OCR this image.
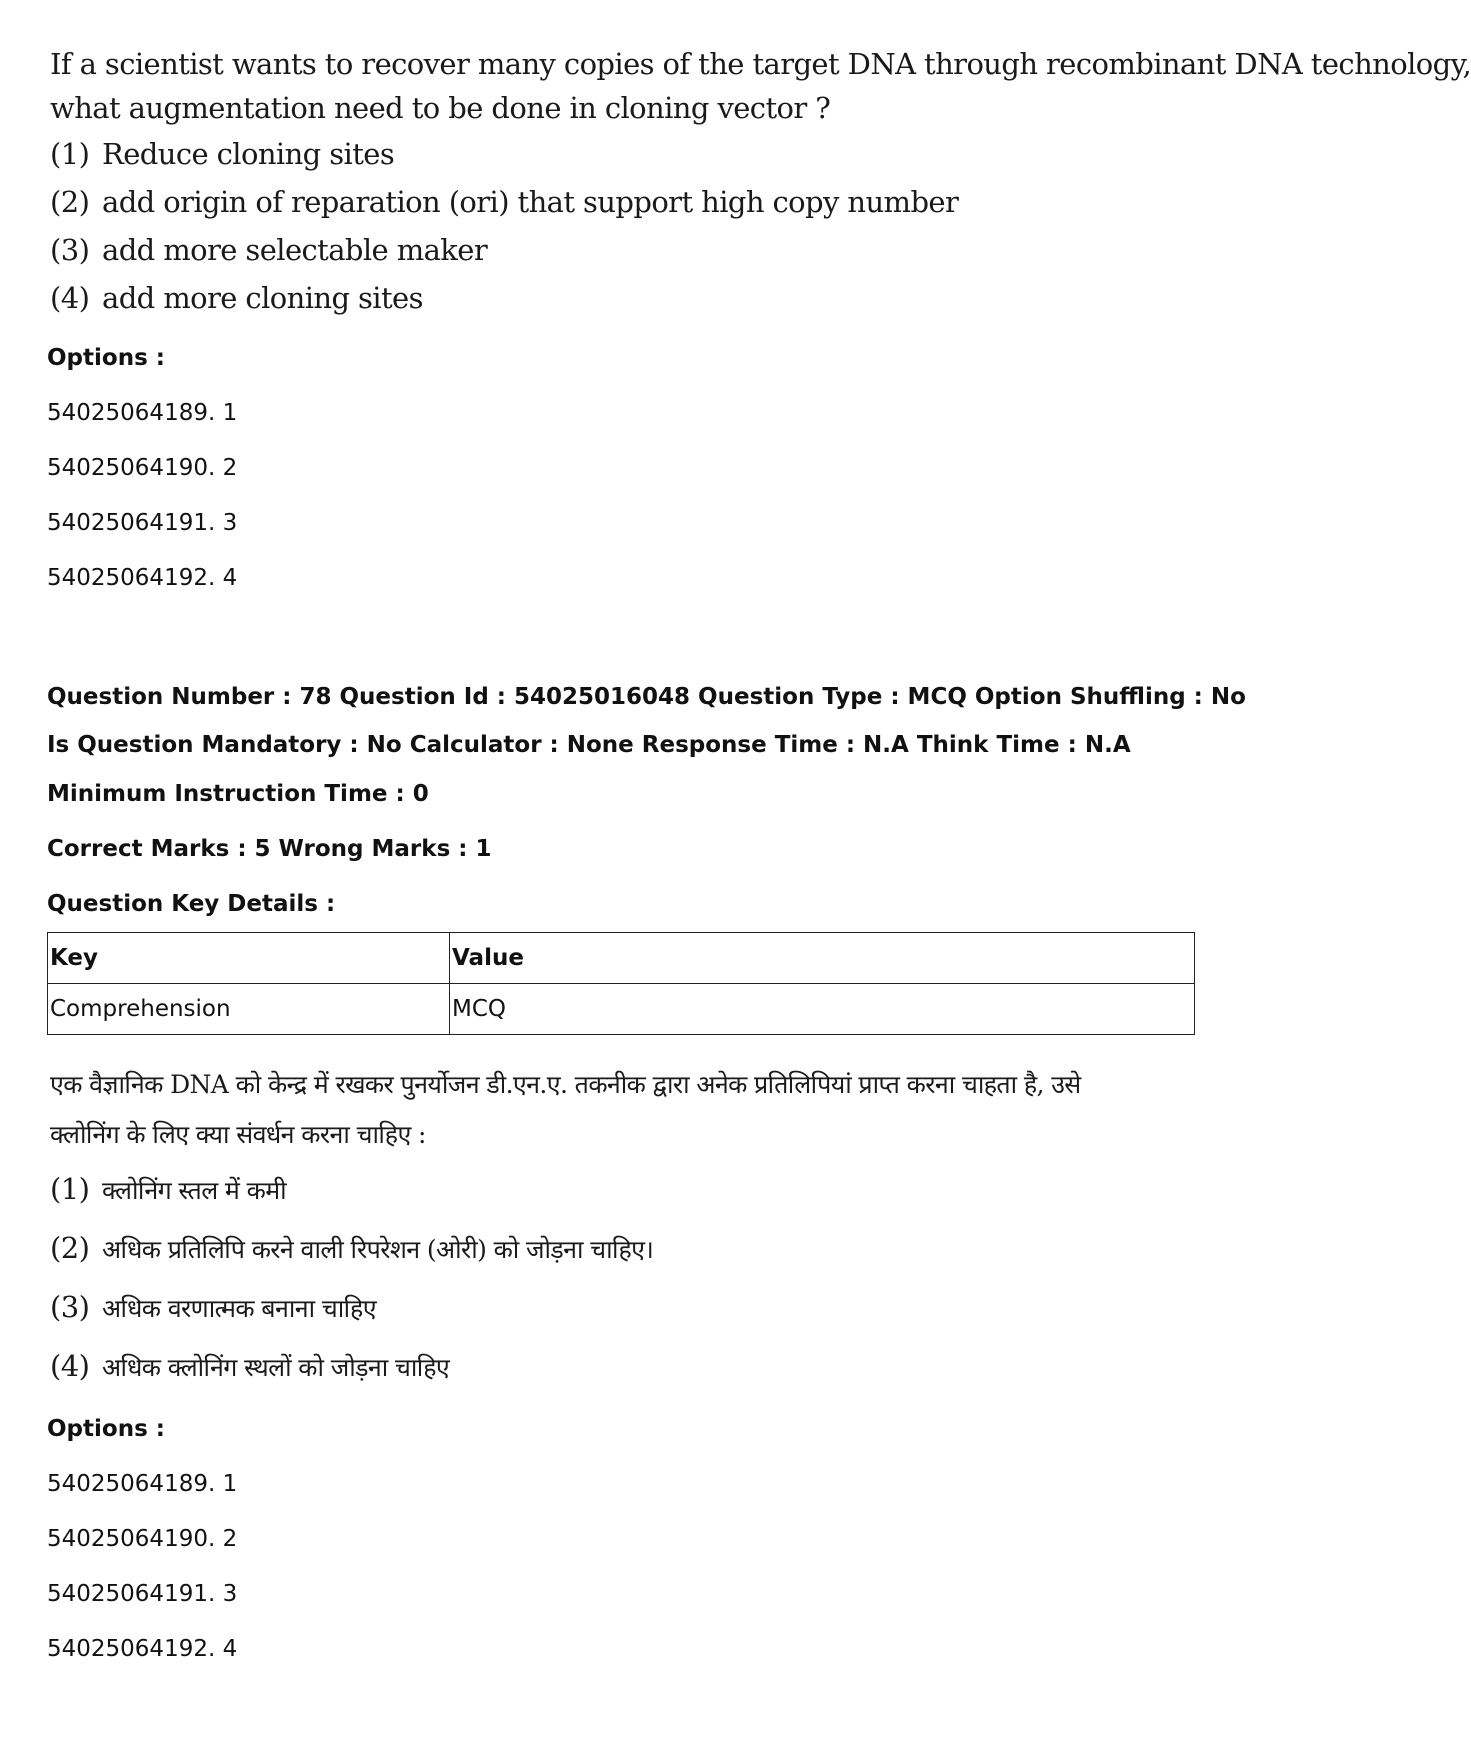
If a scientist wants to recover many copies of the target DNA through recombinant DNA technology,
what augmentation need to be done in cloning vector ?
(1) Reduce cloning sites
(2) add origin of reparation (ori) that support high copy number
(3) add more selectable maker
(4) add more cloning sites
Options :
54025064189. 1
54025064190. 2
54025064191. 3
54025064192. 4
Question Number : 78 Question Id : 54025016048 Question Type : MCQ Option Shuffling : No
Is Question Mandatory : No Calculator : None Response Time : N.A Think Time : N.A
Minimum Instruction Time : 0
Correct Marks : 5 Wrong Marks : 1
Question Key Details :
Key	Value
Comprehension	MCQ
एक वैज्ञानिक DNA को केन्द्र में रखकर पुनर्योजन डी.एन.ए. तकनीक द्वारा अनेक प्रतिलिपियां प्राप्त करना चाहता है, उसे
क्लोनिंग के लिए क्या संवर्धन करना चाहिए :
(1) क्लोनिंग स्तल में कमी
(2) अधिक प्रतिलिपि करने वाली रिपरेशन (ओरी) को जोड़ना चाहिए।
(3) अधिक वरणात्मक बनाना चाहिए
(4) अधिक क्लोनिंग स्थलों को जोड़ना चाहिए
Options :
54025064189. 1
54025064190. 2
54025064191. 3
54025064192. 4
